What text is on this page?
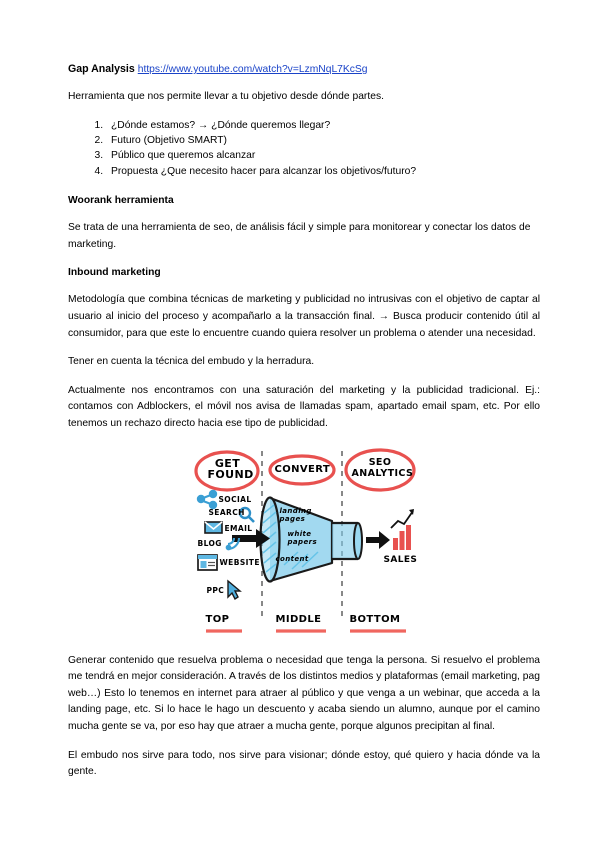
Gap Analysis https://www.youtube.com/watch?v=LzmNqL7KcSg

Herramienta que nos permite llevar a tu objetivo desde dónde partes.

1. ¿Dónde estamos? → ¿Dónde queremos llegar?
2. Futuro (Objetivo SMART)
3. Público que queremos alcanzar
4. Propuesta ¿Que necesito hacer para alcanzar los objetivos/futuro?
Woorank herramienta

Se trata de una herramienta de seo, de análisis fácil y simple para monitorear y conectar los datos de marketing.

Inbound marketing

Metodología que combina técnicas de marketing y publicidad no intrusivas con el objetivo de captar al usuario al inicio del proceso y acompañarlo a la transacción final. → Busca producir contenido útil al consumidor, para que este lo encuentre cuando quiera resolver un problema o atender una necesidad.

Tener en cuenta la técnica del embudo y la herradura.

Actualmente nos encontramos con una saturación del marketing y la publicidad tradicional. Ej.: contamos con Adblockers, el móvil nos avisa de llamadas spam, apartado email spam, etc. Por ello tenemos un rechazo directo hacia ese tipo de publicidad.

GET
FOUND CONVERT
SEO
ANALYTICS
SOCIAL
SEARCH
EMAIL
BLOG
WEBSITE
PPC
landing pages
white papers
content	SALES
TOP	MIDDLE	BOTTOM

Generar contenido que resuelva problema o necesidad que tenga la persona. Si resuelvo el problema me tendrá en mejor consideración. A través de los distintos medios y plataformas (email marketing, pag web…) Esto lo tenemos en internet para atraer al público y que venga a un webinar, que acceda a la landing page, etc. Si lo hace le hago un descuento y acaba siendo un alumno, aunque por el camino mucha gente se va, por eso hay que atraer a mucha gente, porque algunos precipitan al final.

El embudo nos sirve para todo, nos sirve para visionar; dónde estoy, qué quiero y hacia dónde va la gente.
